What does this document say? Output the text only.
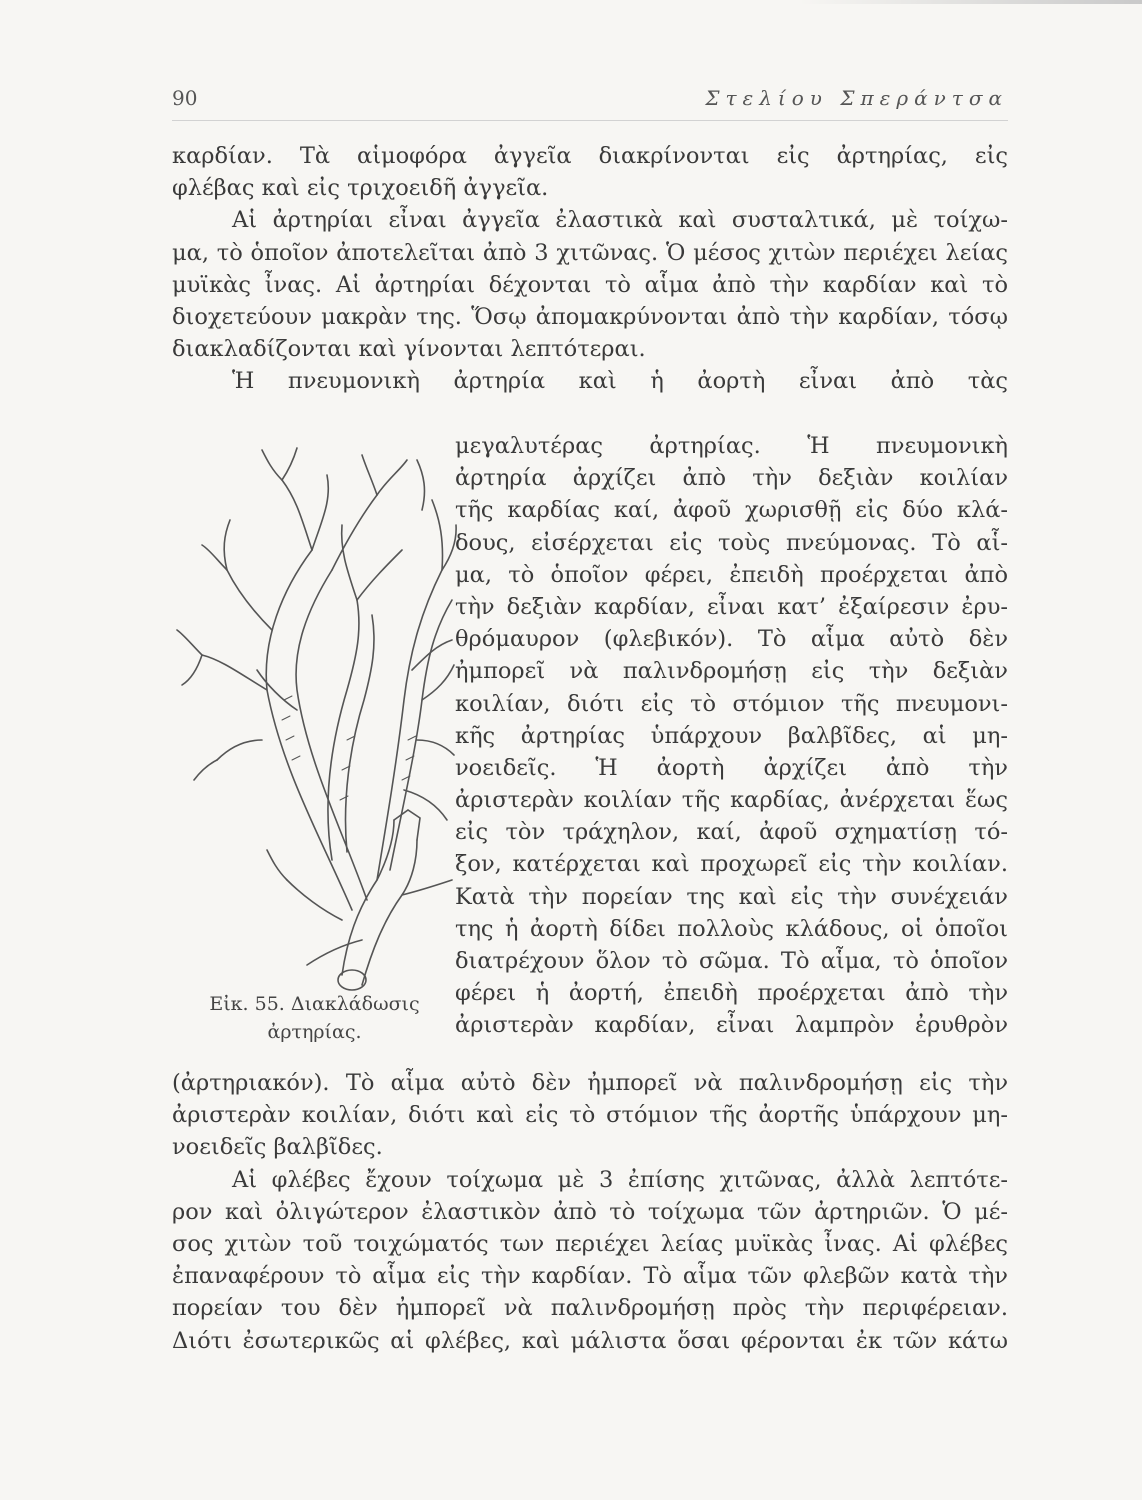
90	Στελίου Σπεράντσα
καρδίαν. Τὰ αἱμοφόρα ἀγγεῖα διακρίνονται εἰς ἀρτηρίας, εἰς
φλέβας καὶ εἰς τριχοειδῆ ἀγγεῖα.
Αἱ ἀρτηρίαι εἶναι ἀγγεῖα ἐλαστικὰ καὶ συσταλτικά, μὲ τοίχω-
μα, τὸ ὁποῖον ἀποτελεῖται ἀπὸ 3 χιτῶνας. Ὁ μέσος χιτὼν περιέχει λείας
μυϊκὰς ἶνας. Αἱ ἀρτηρίαι δέχονται τὸ αἷμα ἀπὸ τὴν καρδίαν καὶ τὸ
διοχετεύουν μακρὰν της. Ὅσῳ ἀπομακρύνονται ἀπὸ τὴν καρδίαν, τόσῳ
διακλαδίζονται καὶ γίνονται λεπτότεραι.
Ἡ πνευμονικὴ ἀρτηρία καὶ ἡ ἀορτὴ εἶναι ἀπὸ τὰς
Εἰκ. 55. Διακλάδωσις
ἀρτηρίας.
μεγαλυτέρας ἀρτηρίας. Ἡ πνευμονικὴ
ἀρτηρία ἀρχίζει ἀπὸ τὴν δεξιὰν κοιλίαν
τῆς καρδίας καί, ἀφοῦ χωρισθῇ εἰς δύο κλά-
δους, εἰσέρχεται εἰς τοὺς πνεύμονας. Τὸ αἷ-
μα, τὸ ὁποῖον φέρει, ἐπειδὴ προέρχεται ἀπὸ
τὴν δεξιὰν καρδίαν, εἶναι κατ’ ἐξαίρεσιν ἐρυ-
θρόμαυρον (φλεβικόν). Τὸ αἷμα αὐτὸ δὲν
ἠμπορεῖ νὰ παλινδρομήσῃ εἰς τὴν δεξιὰν
κοιλίαν, διότι εἰς τὸ στόμιον τῆς πνευμονι-
κῆς ἀρτηρίας ὑπάρχουν βαλβῖδες, αἱ μη-
νοειδεῖς. Ἡ ἀορτὴ ἀρχίζει ἀπὸ τὴν
ἀριστερὰν κοιλίαν τῆς καρδίας, ἀνέρχεται ἕως
εἰς τὸν τράχηλον, καί, ἀφοῦ σχηματίσῃ τό-
ξον, κατέρχεται καὶ προχωρεῖ εἰς τὴν κοιλίαν.
Κατὰ τὴν πορείαν της καὶ εἰς τὴν συνέχειάν
της ἡ ἀορτὴ δίδει πολλοὺς κλάδους, οἱ ὁποῖοι
διατρέχουν ὅλον τὸ σῶμα. Τὸ αἷμα, τὸ ὁποῖον
φέρει ἡ ἀορτή, ἐπειδὴ προέρχεται ἀπὸ τὴν
ἀριστερὰν καρδίαν, εἶναι λαμπρὸν ἐρυθρὸν
(ἀρτηριακόν). Τὸ αἷμα αὐτὸ δὲν ἠμπορεῖ νὰ παλινδρομήσῃ εἰς τὴν
ἀριστερὰν κοιλίαν, διότι καὶ εἰς τὸ στόμιον τῆς ἀορτῆς ὑπάρχουν μη-
νοειδεῖς βαλβῖδες.
Αἱ φλέβες ἔχουν τοίχωμα μὲ 3 ἐπίσης χιτῶνας, ἀλλὰ λεπτότε-
ρον καὶ ὀλιγώτερον ἐλαστικὸν ἀπὸ τὸ τοίχωμα τῶν ἀρτηριῶν. Ὁ μέ-
σος χιτὼν τοῦ τοιχώματός των περιέχει λείας μυϊκὰς ἶνας. Αἱ φλέβες
ἐπαναφέρουν τὸ αἷμα εἰς τὴν καρδίαν. Τὸ αἷμα τῶν φλεβῶν κατὰ τὴν
πορείαν του δὲν ἠμπορεῖ νὰ παλινδρομήσῃ πρὸς τὴν περιφέρειαν.
Διότι ἐσωτερικῶς αἱ φλέβες, καὶ μάλιστα ὅσαι φέρονται ἐκ τῶν κάτω
